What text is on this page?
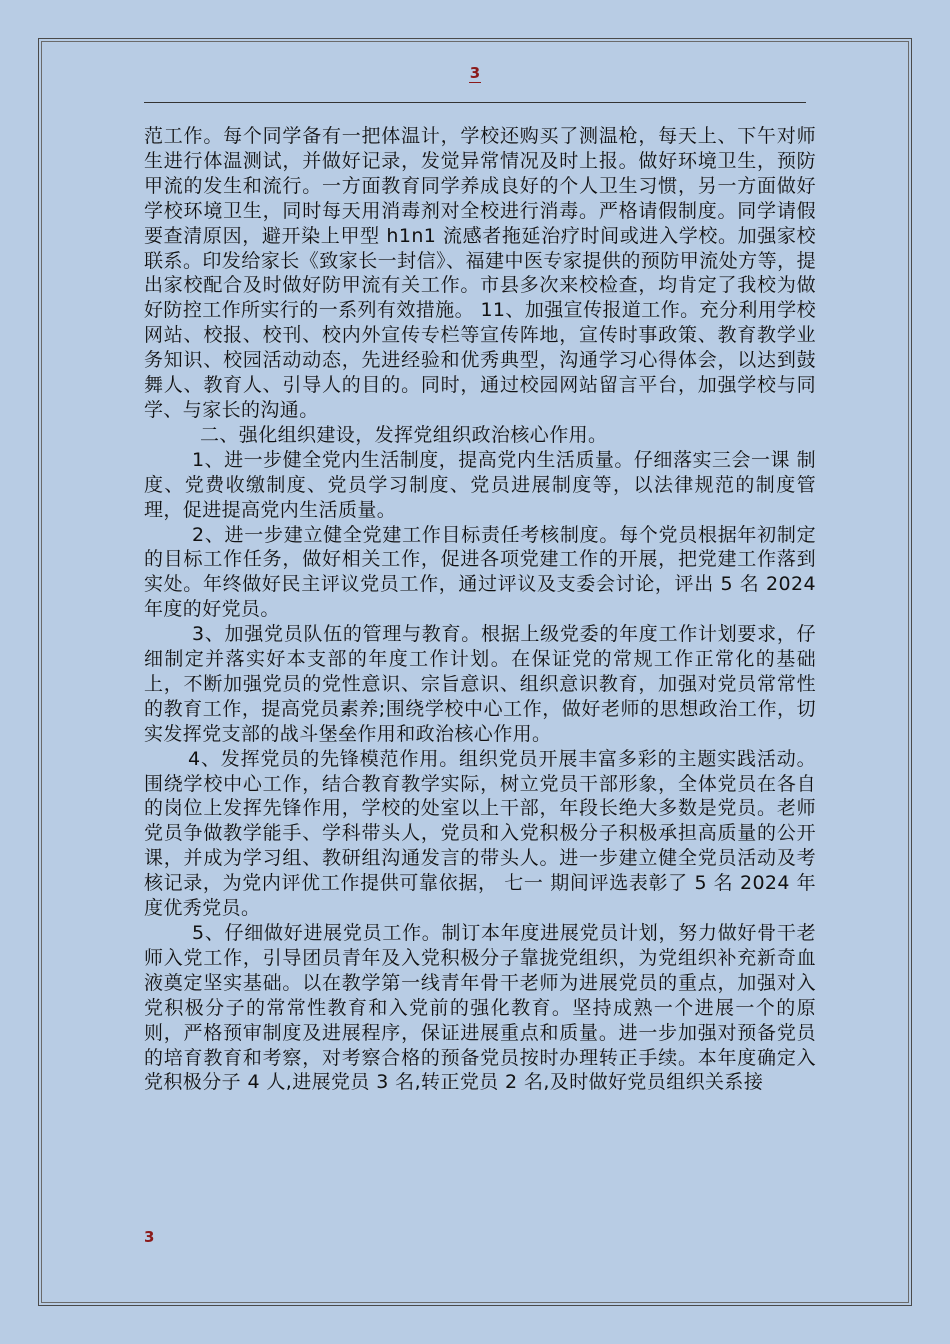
3

范工作。每个同学备有一把体温计，学校还购买了测温枪，每天上、下午对师生进行体温测试，并做好记录，发觉异常情况及时上报。做好环境卫生，预防甲流的发生和流行。一方面教育同学养成良好的个人卫生习惯，另一方面做好学校环境卫生，同时每天用消毒剂对全校进行消毒。严格请假制度。同学请假要查清原因，避开染上甲型 h1n1 流感者拖延治疗时间或进入学校。加强家校联系。印发给家长《致家长一封信》、福建中医专家提供的预防甲流处方等，提出家校配合及时做好防甲流有关工作。市县多次来校检查，均肯定了我校为做好防控工作所实行的一系列有效措施。 11、加强宣传报道工作。充分利用学校网站、校报、校刊、校内外宣传专栏等宣传阵地，宣传时事政策、教育教学业务知识、校园活动动态，先进经验和优秀典型，沟通学习心得体会，以达到鼓舞人、教育人、引导人的目的。同时，通过校园网站留言平台，加强学校与同学、与家长的沟通。

二、强化组织建设，发挥党组织政治核心作用。

1、进一步健全党内生活制度，提高党内生活质量。仔细落实三会一课 制度、党费收缴制度、党员学习制度、党员进展制度等，以法律规范的制度管理，促进提高党内生活质量。

2、进一步建立健全党建工作目标责任考核制度。每个党员根据年初制定的目标工作任务，做好相关工作，促进各项党建工作的开展，把党建工作落到实处。年终做好民主评议党员工作，通过评议及支委会讨论，评出 5 名 2024 年度的好党员。

3、加强党员队伍的管理与教育。根据上级党委的年度工作计划要求，仔细制定并落实好本支部的年度工作计划。在保证党的常规工作正常化的基础上，不断加强党员的党性意识、宗旨意识、组织意识教育，加强对党员常常性的教育工作，提高党员素养;围绕学校中心工作，做好老师的思想政治工作，切实发挥党支部的战斗堡垒作用和政治核心作用。

4、发挥党员的先锋模范作用。组织党员开展丰富多彩的主题实践活动。围绕学校中心工作，结合教育教学实际，树立党员干部形象，全体党员在各自的岗位上发挥先锋作用，学校的处室以上干部，年段长绝大多数是党员。老师党员争做教学能手、学科带头人，党员和入党积极分子积极承担高质量的公开课，并成为学习组、教研组沟通发言的带头人。进一步建立健全党员活动及考核记录，为党内评优工作提供可靠依据， 七一 期间评选表彰了 5 名 2024 年度优秀党员。

5、仔细做好进展党员工作。制订本年度进展党员计划，努力做好骨干老师入党工作，引导团员青年及入党积极分子靠拢党组织，为党组织补充新奇血液奠定坚实基础。以在教学第一线青年骨干老师为进展党员的重点，加强对入党积极分子的常常性教育和入党前的强化教育。坚持成熟一个进展一个的原则，严格预审制度及进展程序，保证进展重点和质量。进一步加强对预备党员的培育教育和考察，对考察合格的预备党员按时办理转正手续。本年度确定入党积极分子 4 人,进展党员 3 名,转正党员 2 名,及时做好党员组织关系接

3
